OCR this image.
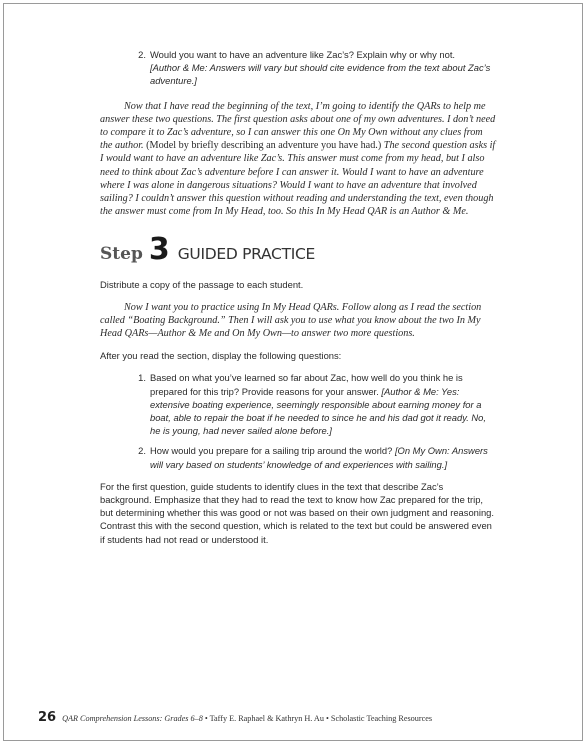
2. Would you want to have an adventure like Zac’s? Explain why or why not.
[Author & Me: Answers will vary but should cite evidence from the text about Zac’s adventure.]

Now that I have read the beginning of the text, I’m going to identify the QARs to help me answer these two questions. The first question asks about one of my own adventures. I don’t need to compare it to Zac’s adventure, so I can answer this one On My Own without any clues from the author. (Model by briefly describing an adventure you have had.) The second question asks if I would want to have an adventure like Zac’s. This answer must come from my head, but I also need to think about Zac’s adventure before I can answer it. Would I want to have an adventure where I was alone in dangerous situations? Would I want to have an adventure that involved sailing? I couldn’t answer this question without reading and understanding the text, even though the answer must come from In My Head, too. So this In My Head QAR is an Author & Me.

Step 3 GUIDED PRACTICE

Distribute a copy of the passage to each student.

Now I want you to practice using In My Head QARs. Follow along as I read the section called “Boating Background.” Then I will ask you to use what you know about the two In My Head QARs—Author & Me and On My Own—to answer two more questions.

After you read the section, display the following questions:

1. Based on what you’ve learned so far about Zac, how well do you think he is prepared for this trip? Provide reasons for your answer. [Author & Me: Yes: extensive boating experience, seemingly responsible about earning money for a boat, able to repair the boat if he needed to since he and his dad got it ready. No, he is young, had never sailed alone before.]
2. How would you prepare for a sailing trip around the world? [On My Own: Answers will vary based on students’ knowledge of and experiences with sailing.]

For the first question, guide students to identify clues in the text that describe Zac’s background. Emphasize that they had to read the text to know how Zac prepared for the trip, but determining whether this was good or not was based on their own judgment and reasoning. Contrast this with the second question, which is related to the text but could be answered even if students had not read or understood it.

26 QAR Comprehension Lessons: Grades 6–8 • Taffy E. Raphael & Kathryn H. Au • Scholastic Teaching Resources
